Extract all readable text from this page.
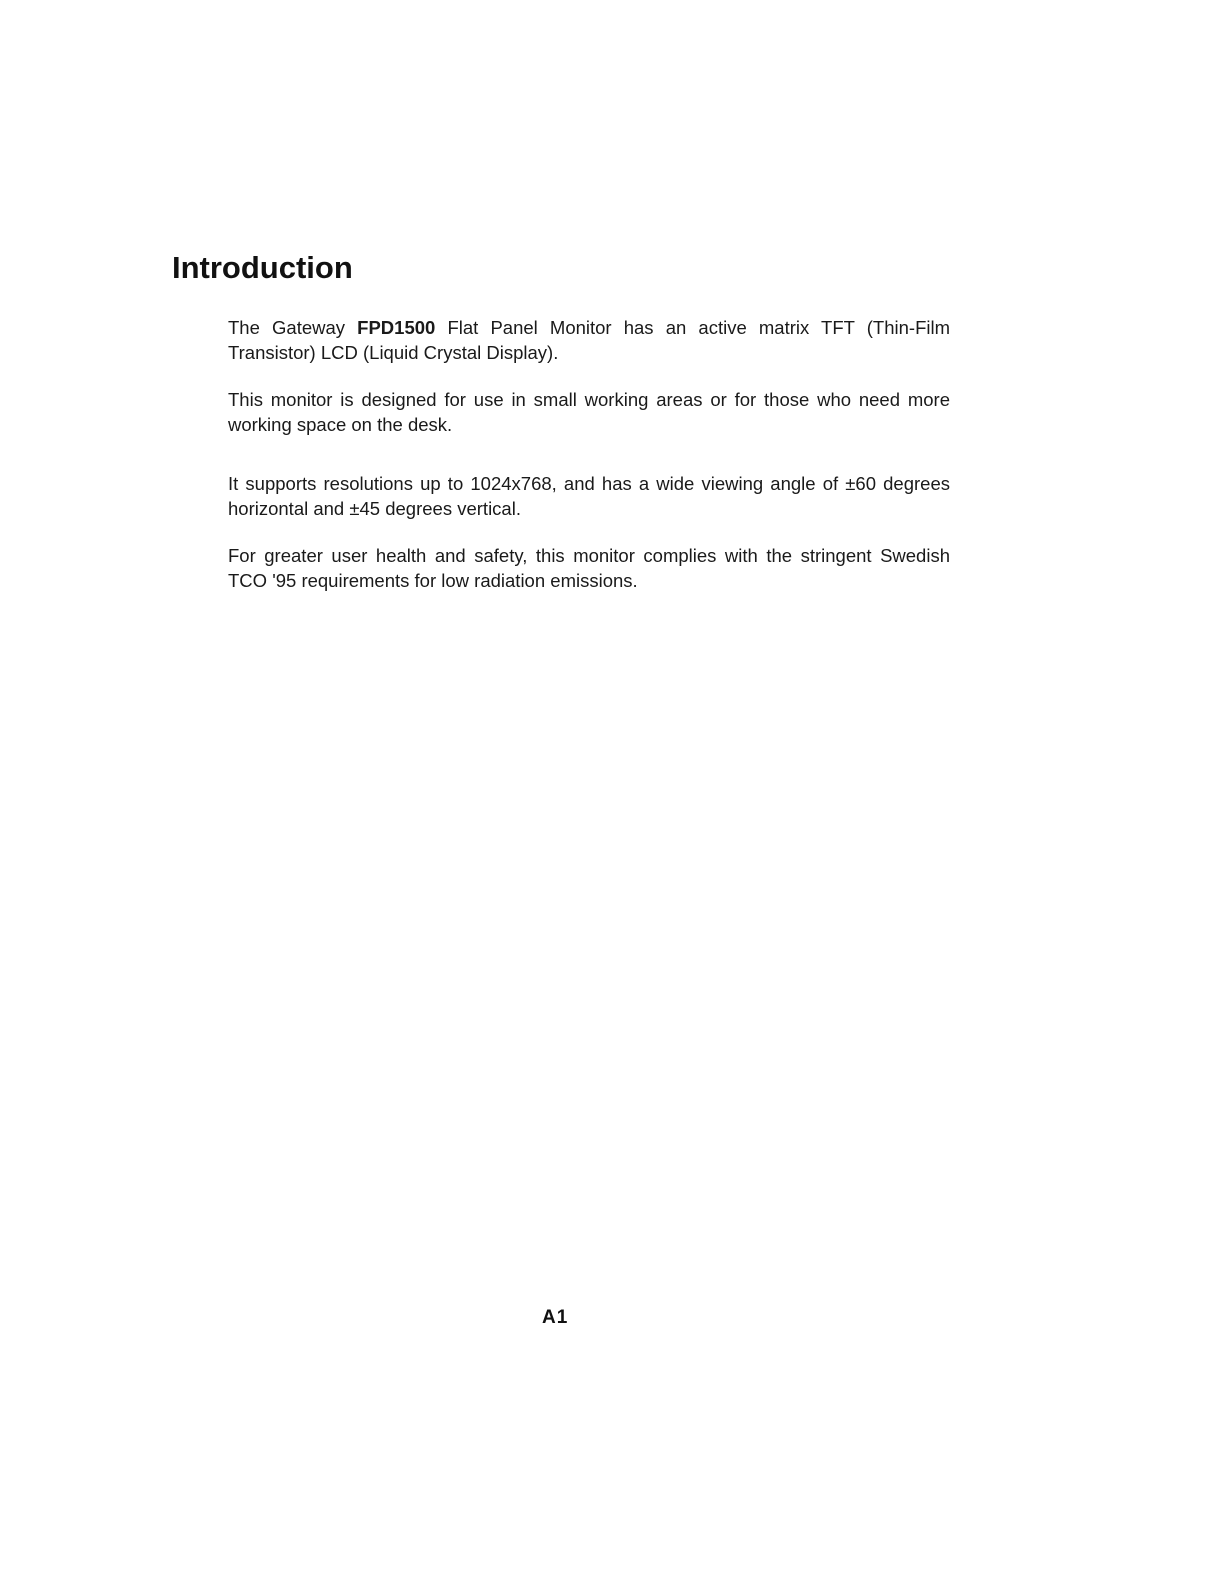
Introduction

The Gateway FPD1500 Flat Panel Monitor has an active matrix TFT (Thin-Film Transistor) LCD (Liquid Crystal Display).

This monitor is designed for use in small working areas or for those who need more working space on the desk.

It supports resolutions up to 1024x768, and has a wide viewing angle of ±60 degrees horizontal and ±45 degrees vertical.

For greater user health and safety, this monitor complies with the stringent Swedish TCO '95 requirements for low radiation emissions.

A1
